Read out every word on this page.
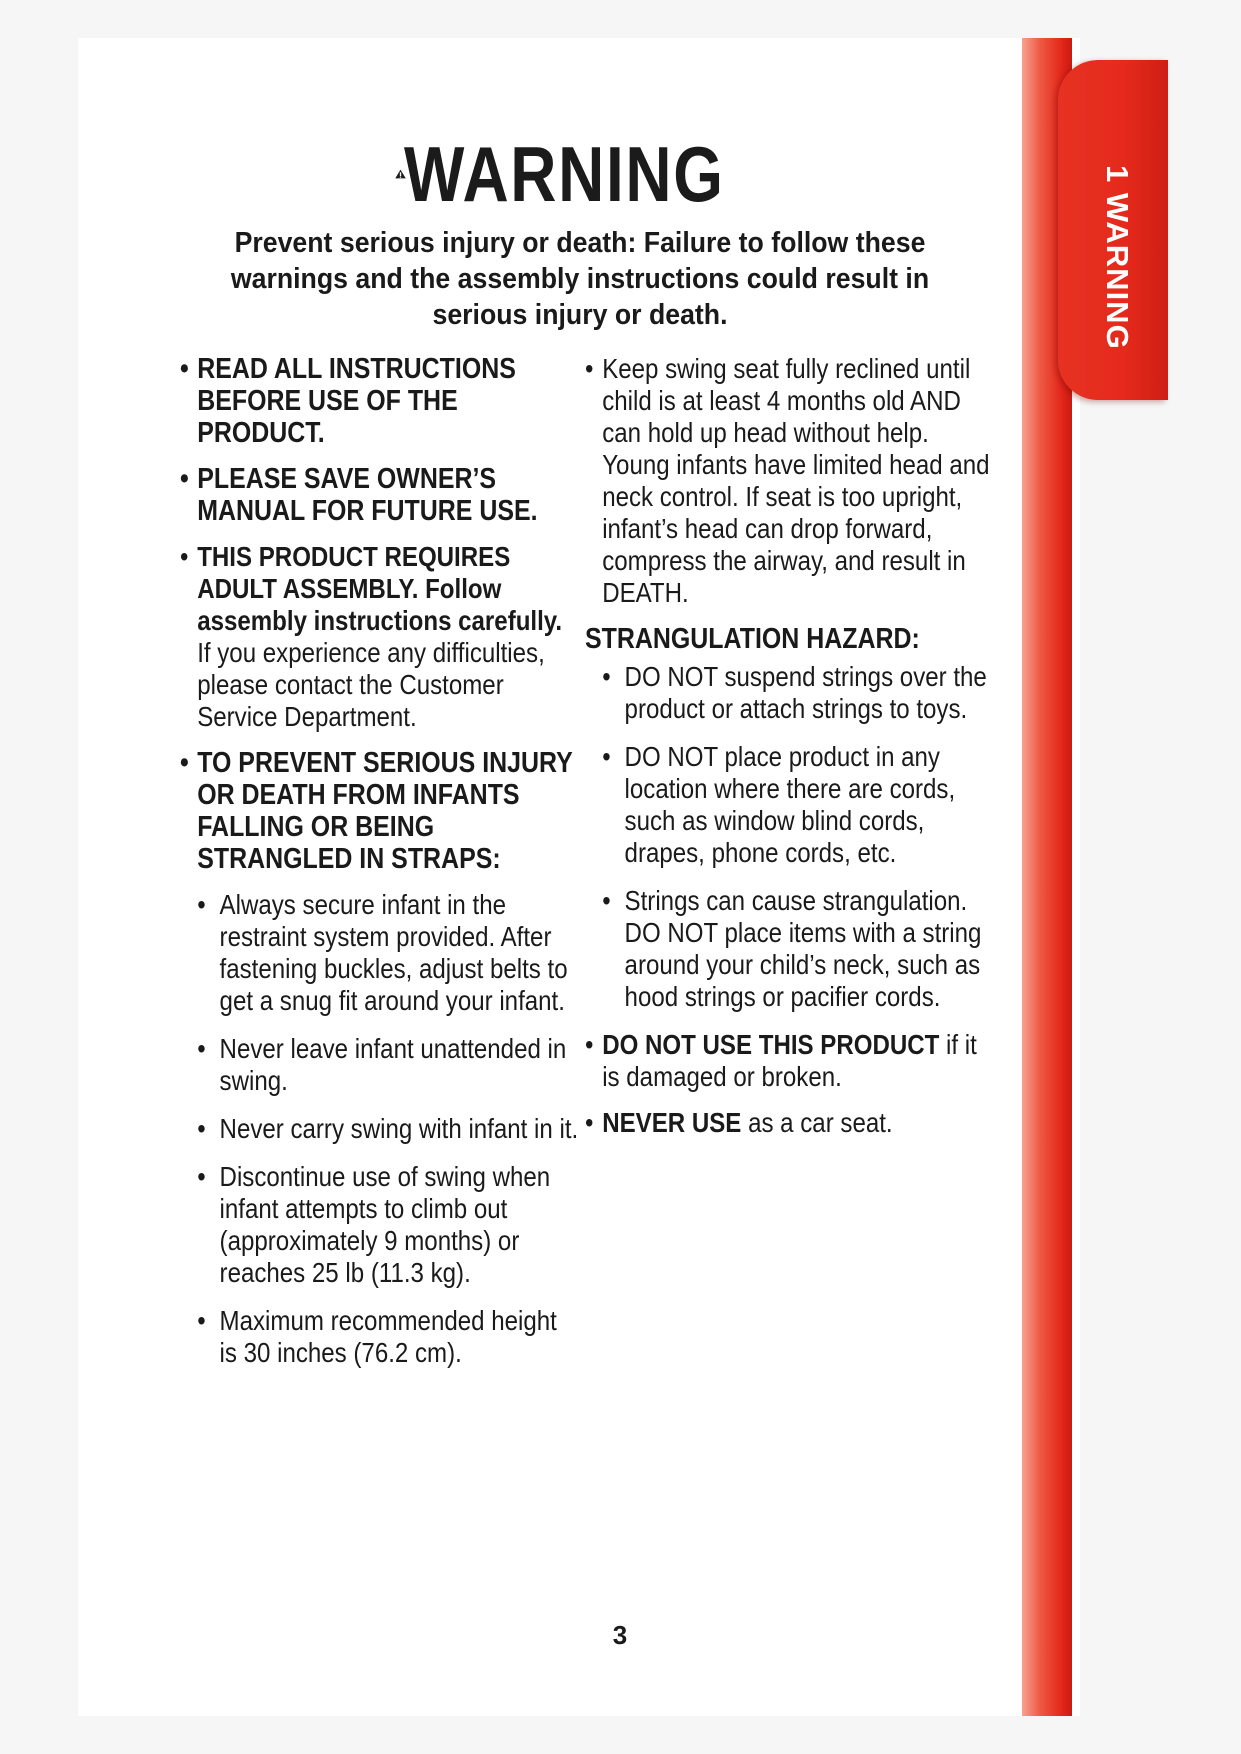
1 WARNING
WARNING
Prevent serious injury or death: Failure to follow these warnings and the assembly instructions could result in serious injury or death.
• READ ALL INSTRUCTIONS BEFORE USE OF THE PRODUCT.
• PLEASE SAVE OWNER’S MANUAL FOR FUTURE USE.
• THIS PRODUCT REQUIRES ADULT ASSEMBLY. Follow assembly instructions carefully. If you experience any difficulties, please contact the Customer Service Department.
• TO PREVENT SERIOUS INJURY OR DEATH FROM INFANTS FALLING OR BEING STRANGLED IN STRAPS:
• Always secure infant in the restraint system provided. After fastening buckles, adjust belts to get a snug fit around your infant.
• Never leave infant unattended in swing.
• Never carry swing with infant in it.
• Discontinue use of swing when infant attempts to climb out (approximately 9 months) or reaches 25 lb (11.3 kg).
• Maximum recommended height is 30 inches (76.2 cm).
• Keep swing seat fully reclined until child is at least 4 months old AND can hold up head without help. Young infants have limited head and neck control. If seat is too upright, infant’s head can drop forward, compress the airway, and result in DEATH.
STRANGULATION HAZARD:
• DO NOT suspend strings over the product or attach strings to toys.
• DO NOT place product in any location where there are cords, such as window blind cords, drapes, phone cords, etc.
• Strings can cause strangulation. DO NOT place items with a string around your child’s neck, such as hood strings or pacifier cords.
• DO NOT USE THIS PRODUCT if it is damaged or broken.
• NEVER USE as a car seat.
3
